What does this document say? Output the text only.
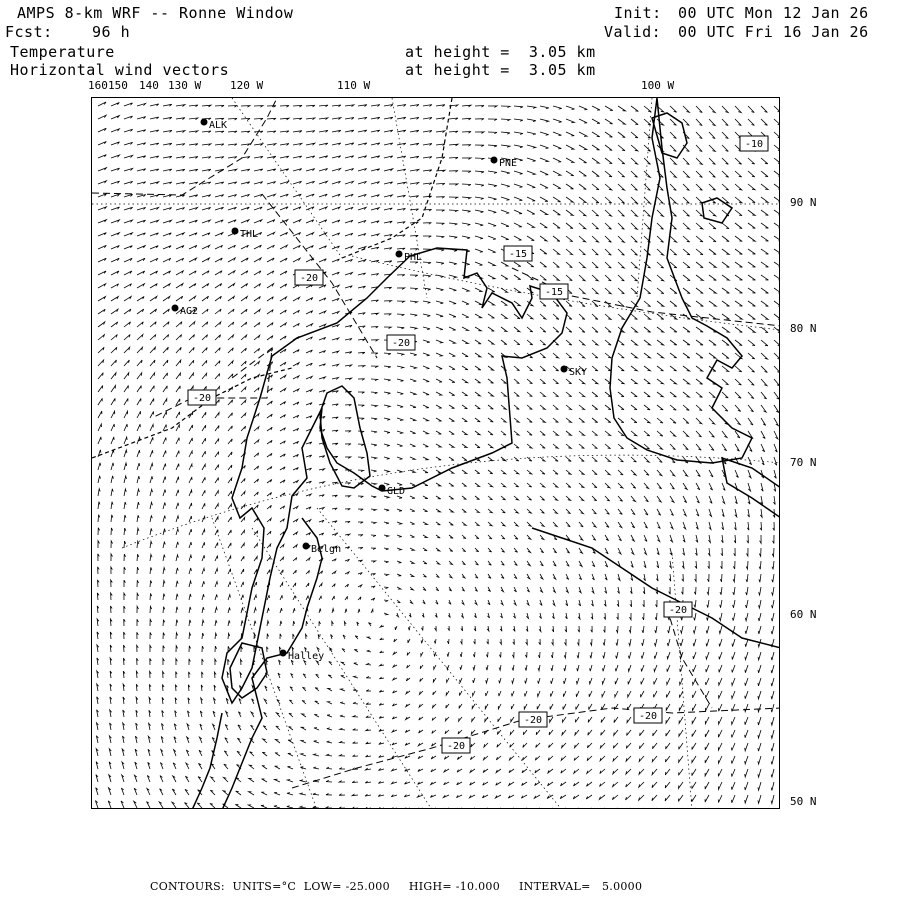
AMPS 8-km WRF -- Ronne Window
Fcst:	96 h
Init: 00 UTC Mon 12 Jan 26
Valid: 00 UTC Fri 16 Jan 26
Temperature	at height =  3.05 km
Horizontal wind vectors	at height =  3.05 km
160 150 140 130 W	120 W	110 W	100 W
90 N
80 N
70 N
60 N
50 N
ALK
PNE
THL
PHL
AG2
SKY
GLD
Belgn
Halley
-10
-15
-15
-20
-20
-20
-20
-20
-20
-20
CONTOURS:  UNITS=°C  LOW= -25.000     HIGH= -10.000     INTERVAL=   5.0000
